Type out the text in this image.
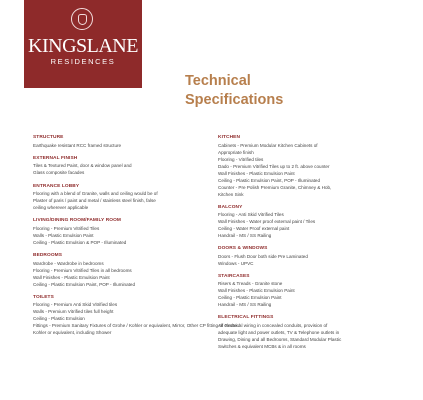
KINGSLANE
RESIDENCES
Technical
Specifications
STRUCTURE
Earthquake resistant RCC framed structure
EXTERNAL FINISH
Tiles & Textured Paint, door & window panel and
Glass composite facades
ENTRANCE LOBBY
Flooring with a blend of Granite, walls and ceiling would be of
Plaster of paris / paint and metal / stainless steel finish, false
ceiling wherever applicable
LIVING/DINING ROOM/FAMILY ROOM
Flooring - Premium Vitrified Tiles
Walls - Plastic Emulsion Paint
Ceiling - Plastic Emulsion & POP - Illuminated
BEDROOMS
Wardrobe - Wardrobe in bedrooms
Flooring - Premium Vitrified Tiles in all bedrooms
Wall Finishes - Plastic Emulsion Paint
Ceiling - Plastic Emulsion Paint, POP - Illuminated
TOILETS
Flooring - Premium Anti Skid Vitrified tiles
Walls - Premium Vitrified tiles full height
Ceiling - Plastic Emulsion
Fittings - Premium Sanitary Fixtures of Grohe / Kohler or equivalent, Mirror, Other CP fitting of Grohe /
Kohler or equivalent, including Shower
KITCHEN
Cabinets - Premium Modular Kitchen Cabinets of
Appropriate finish
Flooring - Vitrified tiles
Dado - Premium Vitrified Tiles up to 2 ft. above counter
Wall Finishes - Plastic Emulsion Paint
Ceiling - Plastic Emulsion Paint, POP - Illuminated
Counter - Pre Polish Premium Granite, Chimney & Hob,
Kitchen Sink
BALCONY
Flooring - Anti Skid Vitrified Tiles
Wall Finishes - Water proof external paint / Tiles
Ceiling - Water Proof external paint
Handrail - MS / SS Railing
DOORS & WINDOWS
Doors - Flush Door both side Pre Laminated
Windows - UPVC
STAIRCASES
Risers & Treads - Granite stone
Wall Finishes - Plastic Emulsion Paint
Ceiling - Plastic Emulsion Paint
Handrail - MS / SS Railing
ELECTRICAL FITTINGS
All electrical wiring in concealed conduits, provision of
adequate light and power outlets, TV & Telephone outlets in
Drawing, Dining and all Bedrooms, Standard Modular Plastic
Switches & equivalent MCBs & in all rooms
